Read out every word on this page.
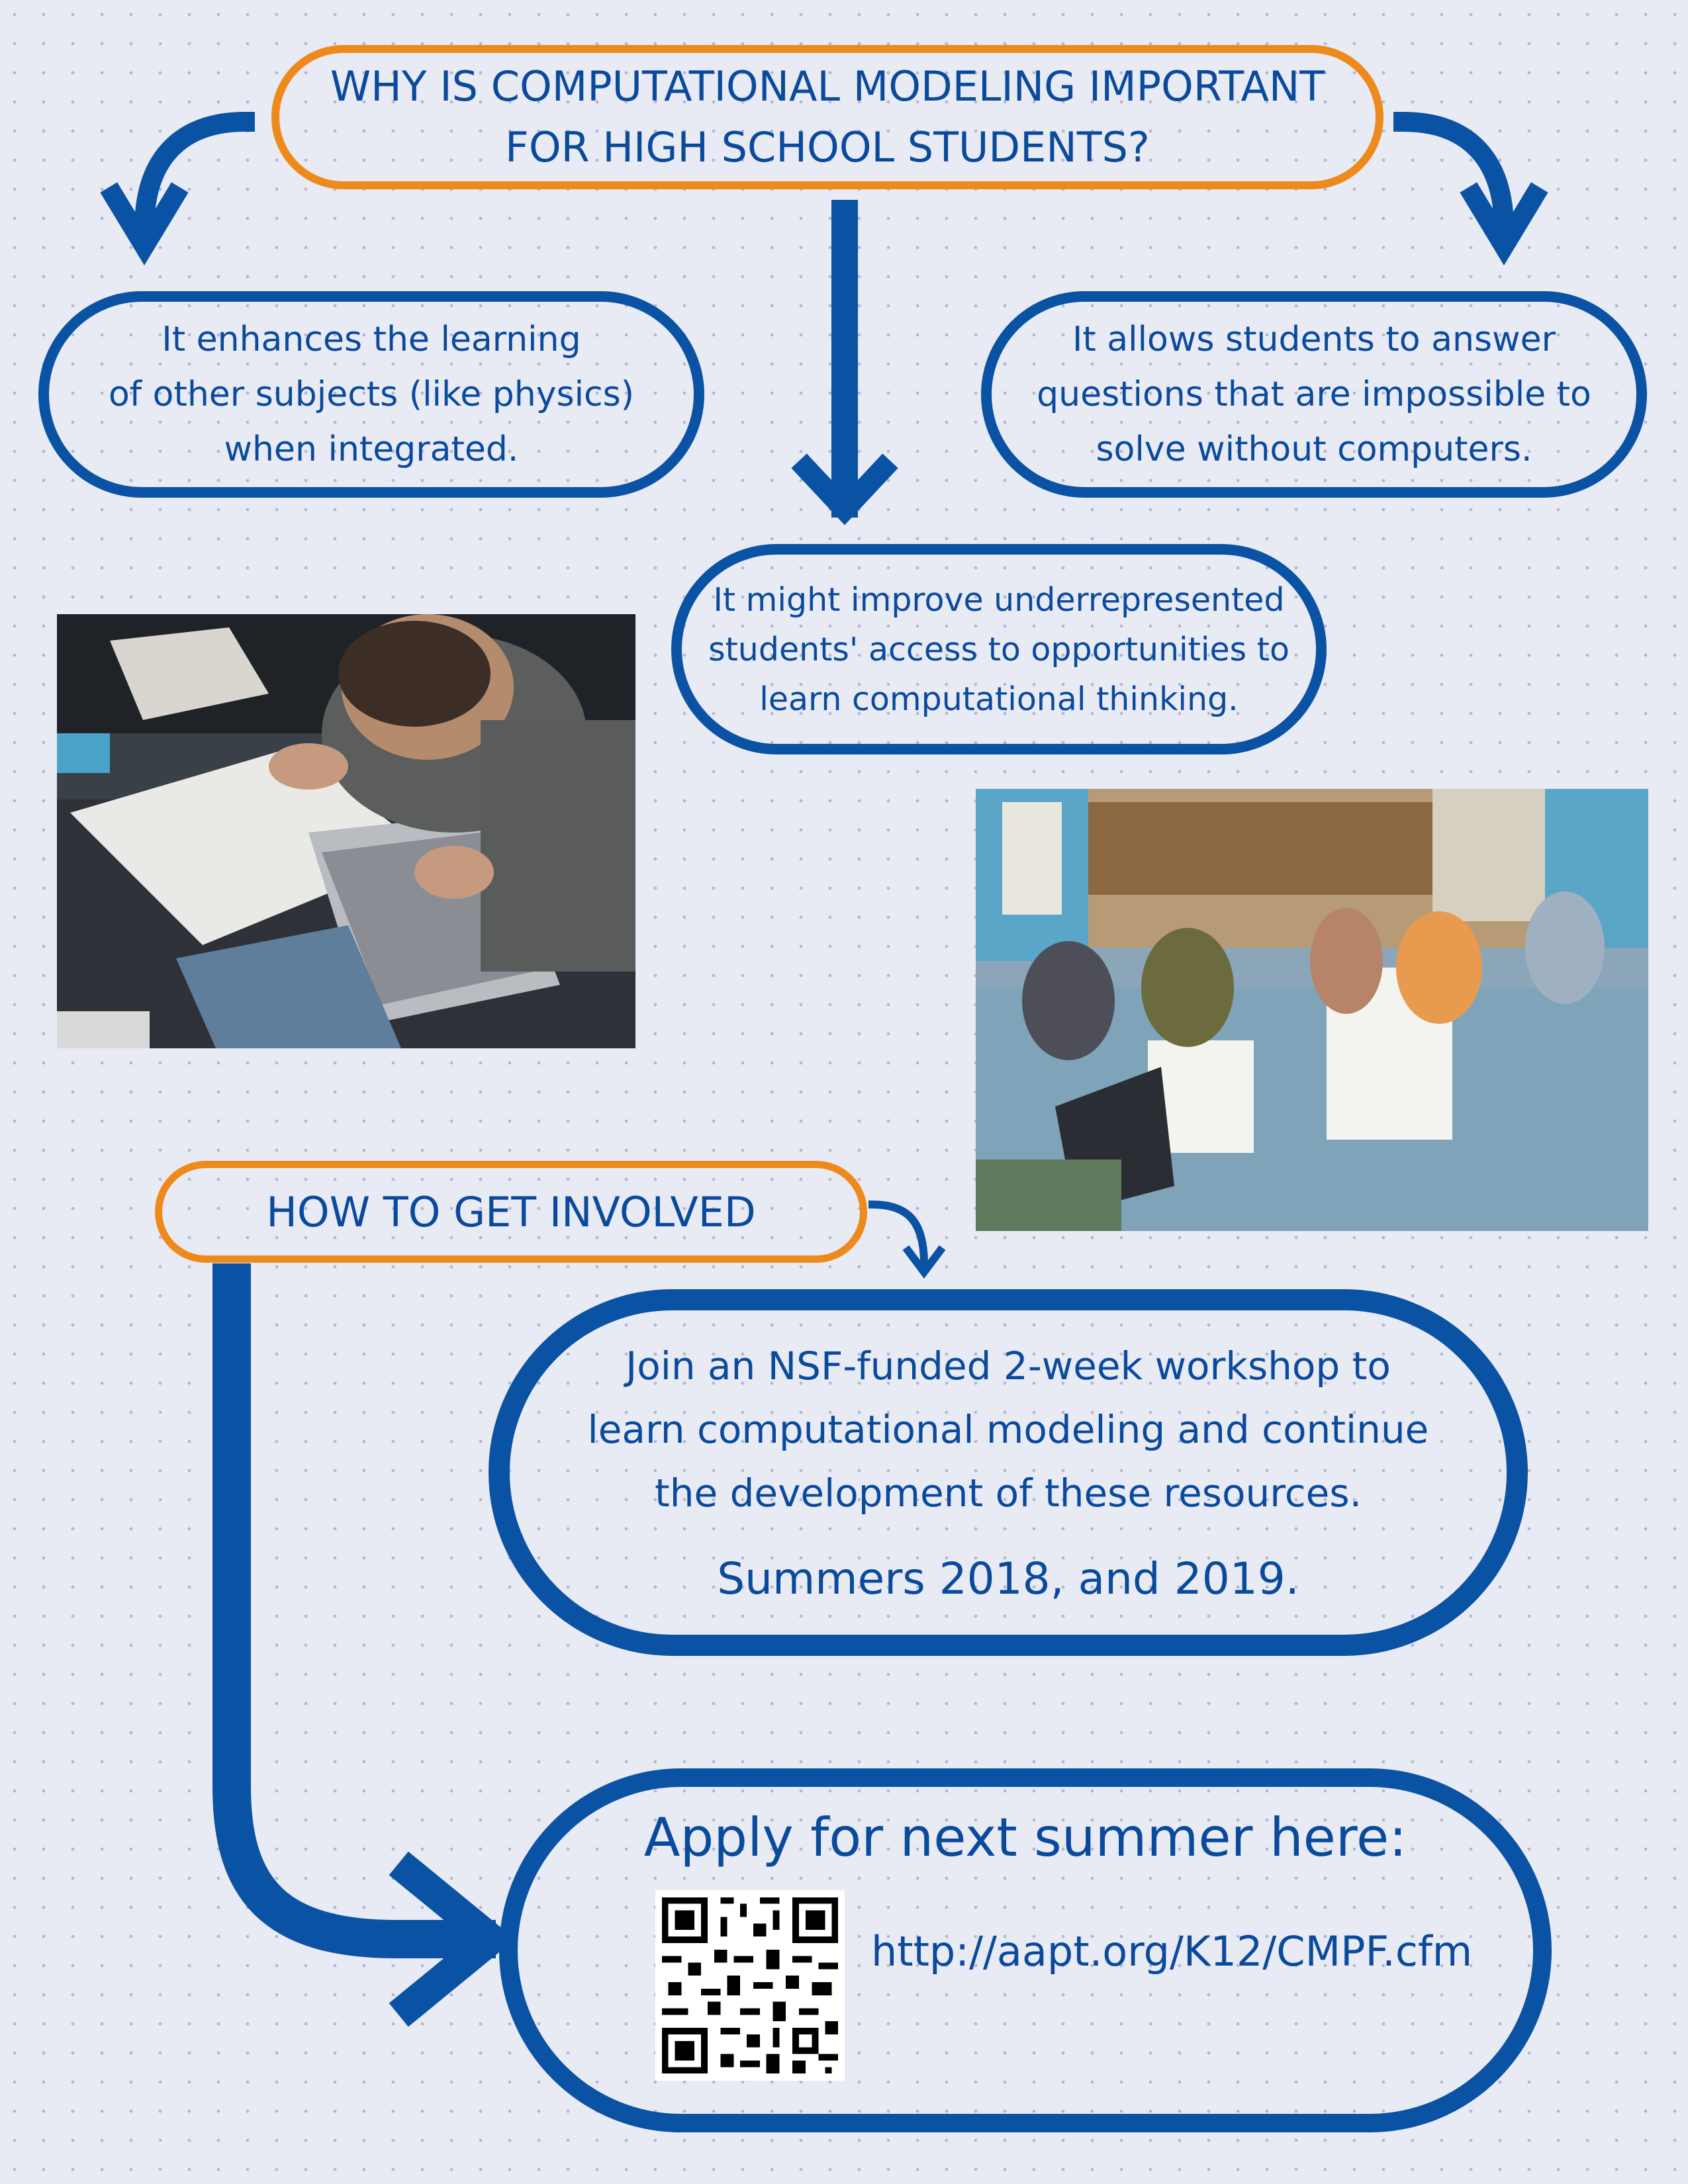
WHY IS COMPUTATIONAL MODELING IMPORTANT
FOR HIGH SCHOOL STUDENTS?
It enhances the learning
of other subjects (like physics)
when integrated.
It allows students to answer
questions that are impossible to
solve without computers.
It might improve underrepresented
students' access to opportunities to
learn computational thinking.
HOW TO GET INVOLVED
Join an NSF-funded 2-week workshop to
learn computational modeling and continue
the development of these resources.
Summers 2018, and 2019.
Apply for next summer here:
http://aapt.org/K12/CMPF.cfm
